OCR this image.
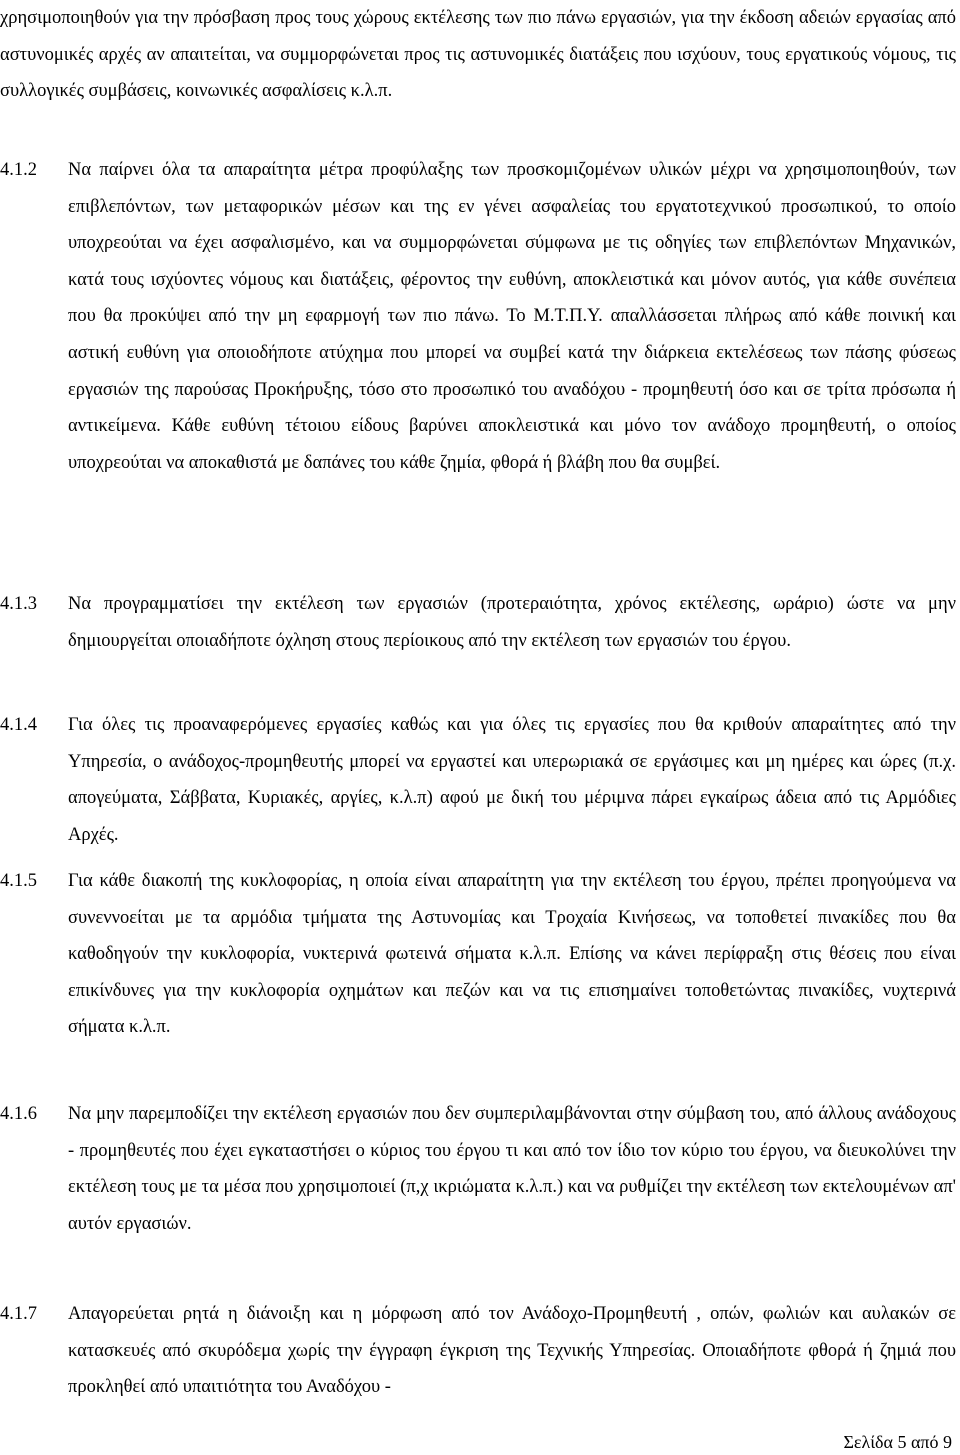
χρησιμοποιηθούν για την πρόσβαση προς τους χώρους εκτέλεσης των πιο πάνω εργασιών, για την έκδοση αδειών εργασίας από αστυνομικές αρχές αν απαιτείται, να συμμορφώνεται προς τις αστυνομικές διατάξεις που ισχύουν, τους εργατικούς νόμους, τις συλλογικές συμβάσεις, κοινωνικές ασφαλίσεις κ.λ.π.

4.1.2	Να παίρνει όλα τα απαραίτητα μέτρα προφύλαξης των προσκομιζομένων υλικών μέχρι να χρησιμοποιηθούν, των επιβλεπόντων, των μεταφορικών μέσων και της εν γένει ασφαλείας του εργατοτεχνικού προσωπικού, το οποίο υποχρεούται να έχει ασφαλισμένο, και να συμμορφώνεται σύμφωνα με τις οδηγίες των επιβλεπόντων Μηχανικών, κατά τους ισχύοντες νόμους και διατάξεις, φέροντος την ευθύνη, αποκλειστικά και μόνον αυτός, για κάθε συνέπεια που θα προκύψει από την μη εφαρμογή των πιο πάνω. Το Μ.Τ.Π.Υ. απαλλάσσεται πλήρως από κάθε ποινική και αστική ευθύνη για οποιοδήποτε ατύχημα που μπορεί να συμβεί κατά την διάρκεια εκτελέσεως των πάσης φύσεως εργασιών της παρούσας Προκήρυξης, τόσο στο προσωπικό του αναδόχου - προμηθευτή όσο και σε τρίτα πρόσωπα ή αντικείμενα. Κάθε ευθύνη τέτοιου είδους βαρύνει αποκλειστικά και μόνο τον ανάδοχο προμηθευτή, ο οποίος υποχρεούται να αποκαθιστά με δαπάνες του κάθε ζημία, φθορά ή βλάβη που θα συμβεί.
4.1.3	Να προγραμματίσει την εκτέλεση των εργασιών (προτεραιότητα, χρόνος εκτέλεσης, ωράριο) ώστε να μην δημιουργείται οποιαδήποτε όχληση στους περίοικους από την εκτέλεση των εργασιών του έργου.
4.1.4	Για όλες τις προαναφερόμενες εργασίες καθώς και για όλες τις εργασίες που θα κριθούν απαραίτητες από την Υπηρεσία, ο ανάδοχος-προμηθευτής μπορεί να εργαστεί και υπερωριακά σε εργάσιμες και μη ημέρες και ώρες (π.χ. απογεύματα, Σάββατα, Κυριακές, αργίες, κ.λ.π) αφού με δική του μέριμνα πάρει εγκαίρως άδεια από τις Αρμόδιες Αρχές.
4.1.5	Για κάθε διακοπή της κυκλοφορίας, η οποία είναι απαραίτητη για την εκτέλεση του έργου, πρέπει προηγούμενα να συνεννοείται με τα αρμόδια τμήματα της Αστυνομίας και Τροχαία Κινήσεως, να τοποθετεί πινακίδες που θα καθοδηγούν την κυκλοφορία, νυκτερινά φωτεινά σήματα κ.λ.π. Επίσης να κάνει περίφραξη στις θέσεις που είναι επικίνδυνες για την κυκλοφορία οχημάτων και πεζών και να τις επισημαίνει τοποθετώντας πινακίδες, νυχτερινά σήματα κ.λ.π.
4.1.6	Να μην παρεμποδίζει την εκτέλεση εργασιών που δεν συμπεριλαμβάνονται στην σύμβαση του, από άλλους ανάδοχους - προμηθευτές που έχει εγκαταστήσει ο κύριος του έργου τι και από τον ίδιο τον κύριο του έργου, να διευκολύνει την εκτέλεση τους με τα μέσα που χρησιμοποιεί (π,χ ικριώματα κ.λ.π.) και να ρυθμίζει την εκτέλεση των εκτελουμένων απ' αυτόν εργασιών.
4.1.7	Απαγορεύεται ρητά η διάνοιξη και η μόρφωση από τον Ανάδοχο-Προμηθευτή , οπών, φωλιών και αυλακών σε κατασκευές από σκυρόδεμα χωρίς την έγγραφη έγκριση της Τεχνικής Υπηρεσίας. Οποιαδήποτε φθορά ή ζημιά που προκληθεί από υπαιτιότητα του Αναδόχου -
Σελίδα 5 από 9
